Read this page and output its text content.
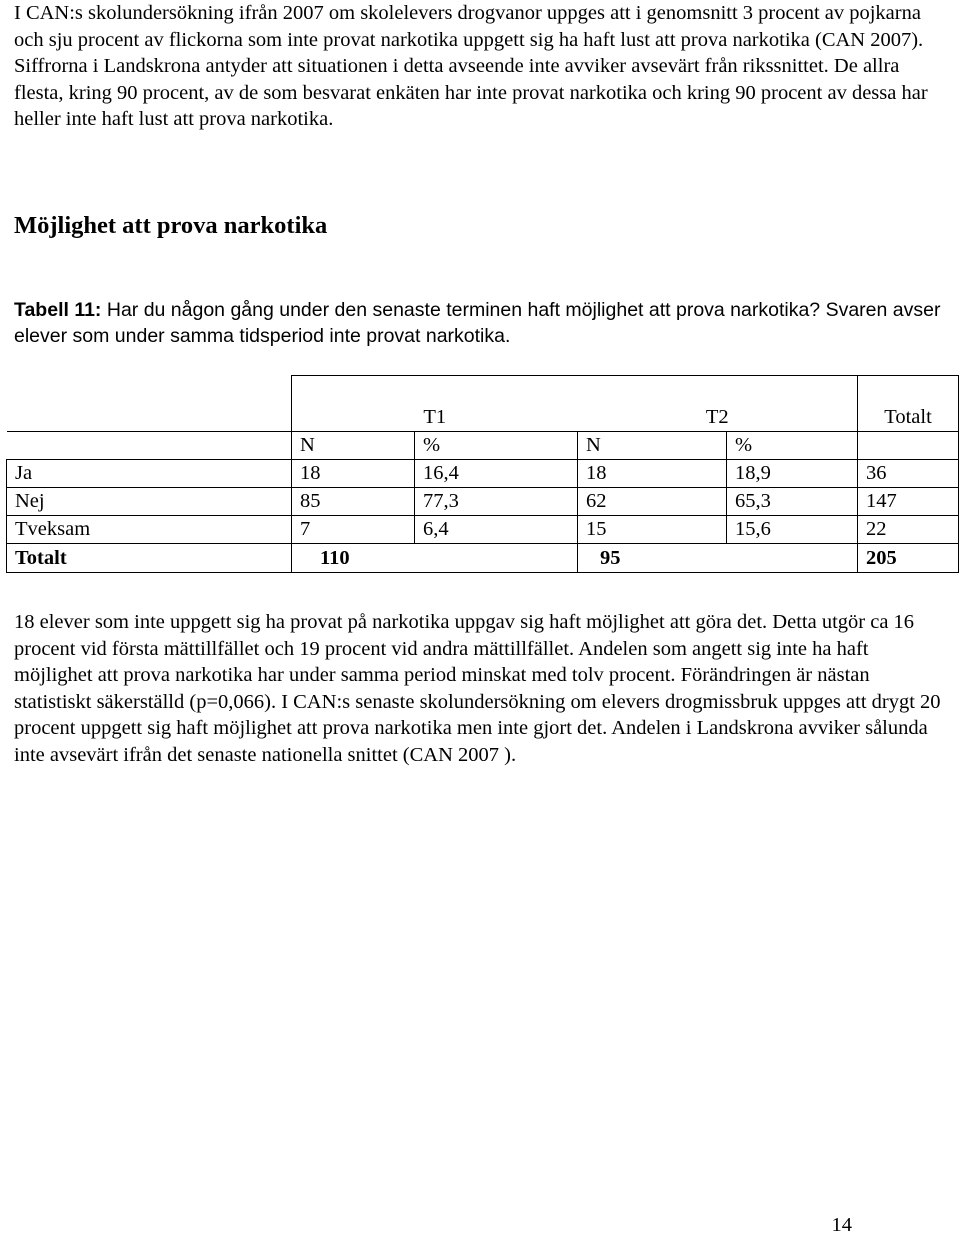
I CAN:s skolundersökning ifrån 2007 om skolelevers drogvanor uppges att i genomsnitt 3 procent av pojkarna och sju procent av flickorna som inte provat narkotika uppgett sig ha haft lust att prova narkotika (CAN 2007). Siffrorna i Landskrona antyder att situationen i detta avseende inte avviker avsevärt från rikssnittet. De allra flesta, kring 90 procent, av de som besvarat enkäten har inte provat narkotika och kring 90 procent av dessa har heller inte haft lust att prova narkotika.

Möjlighet att prova narkotika

Tabell 11: Har du någon gång under den senaste terminen haft möjlighet att prova narkotika? Svaren avser elever som under samma tidsperiod inte provat narkotika.

	T1		T2		Totalt
	N	%	N	%	
Ja	18	16,4	18	18,9	36
Nej	85	77,3	62	65,3	147
Tveksam	7	6,4	15	15,6	22
Totalt	110		95		205

18 elever som inte uppgett sig ha provat på narkotika uppgav sig haft möjlighet att göra det. Detta utgör ca 16 procent vid första mättillfället och 19 procent vid andra mättillfället. Andelen som angett sig inte ha haft möjlighet att prova narkotika har under samma period minskat med tolv procent. Förändringen är nästan statistiskt säkerställd (p=0,066). I CAN:s senaste skolundersökning om elevers drogmissbruk uppges att drygt 20 procent uppgett sig haft möjlighet att prova narkotika men inte gjort det. Andelen i Landskrona avviker sålunda inte avsevärt ifrån det senaste nationella snittet (CAN 2007 ).

14
